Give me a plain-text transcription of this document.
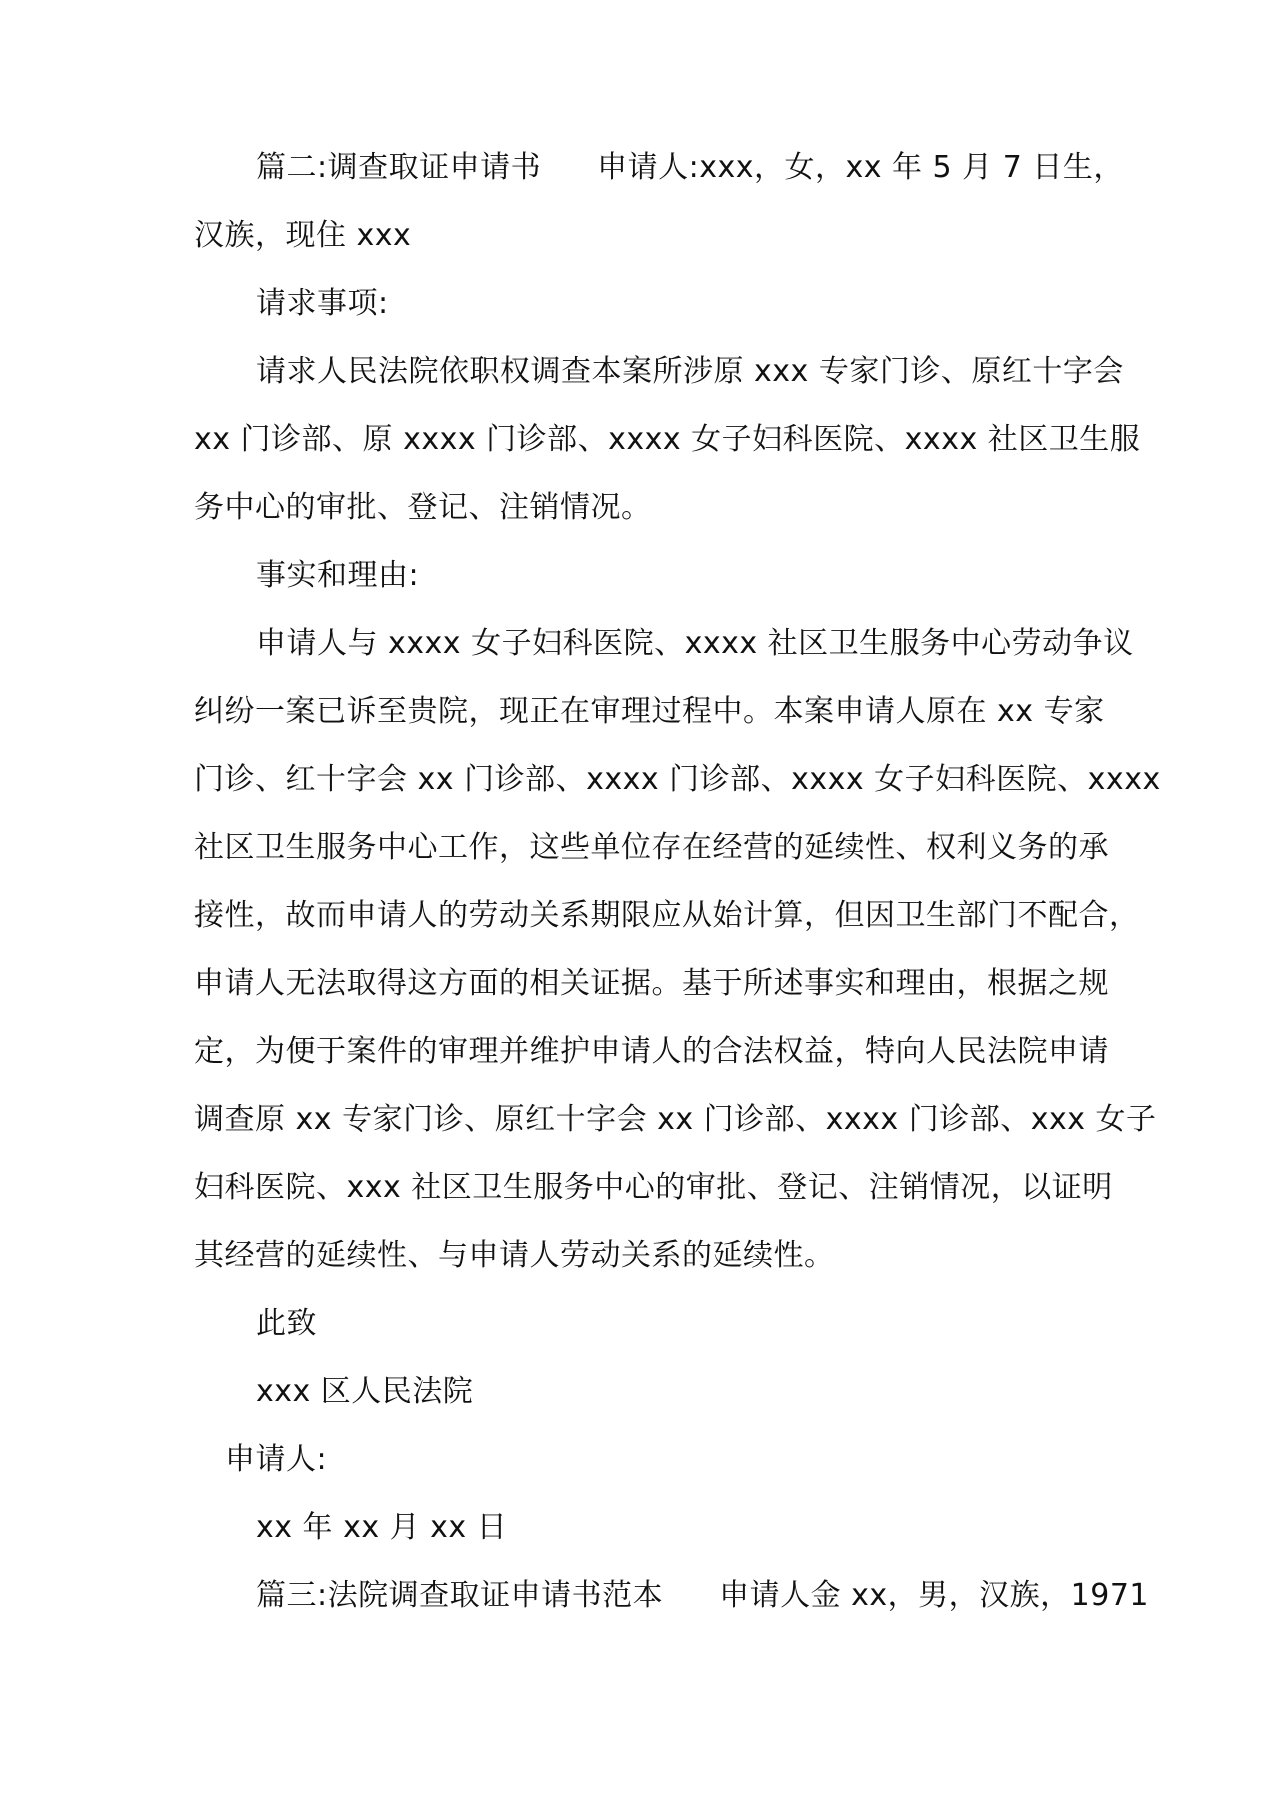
篇二:调查取证申请书 申请人:xxx，女，xx 年 5 月 7 日生，
汉族，现住 xxx
请求事项:
请求人民法院依职权调查本案所涉原 xxx 专家门诊、原红十字会
xx 门诊部、原 xxxx 门诊部、xxxx 女子妇科医院、xxxx 社区卫生服
务中心的审批、登记、注销情况。
事实和理由:
申请人与 xxxx 女子妇科医院、xxxx 社区卫生服务中心劳动争议
纠纷一案已诉至贵院，现正在审理过程中。本案申请人原在 xx 专家
门诊、红十字会 xx 门诊部、xxxx 门诊部、xxxx 女子妇科医院、xxxx
社区卫生服务中心工作，这些单位存在经营的延续性、权利义务的承
接性，故而申请人的劳动关系期限应从始计算，但因卫生部门不配合，
申请人无法取得这方面的相关证据。基于所述事实和理由，根据之规
定，为便于案件的审理并维护申请人的合法权益，特向人民法院申请
调查原 xx 专家门诊、原红十字会 xx 门诊部、xxxx 门诊部、xxx 女子
妇科医院、xxx 社区卫生服务中心的审批、登记、注销情况，以证明
其经营的延续性、与申请人劳动关系的延续性。
此致
xxx 区人民法院
申请人:
xx 年 xx 月 xx 日
篇三:法院调查取证申请书范本 申请人金 xx，男，汉族，1971
